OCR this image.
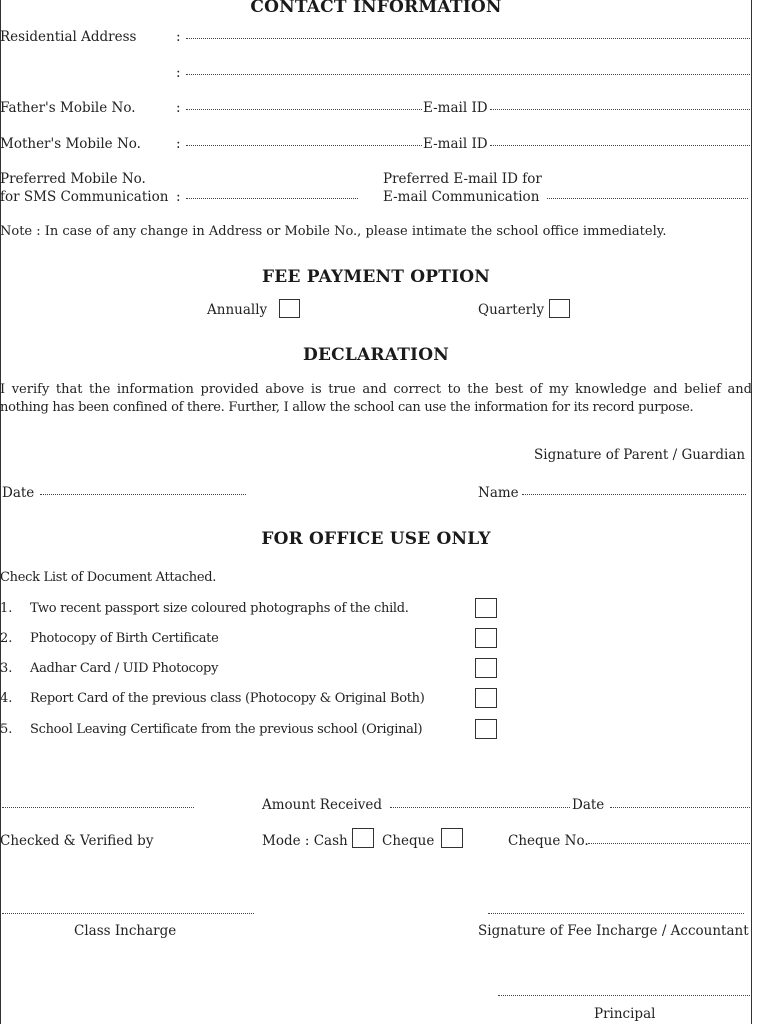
CONTACT INFORMATION
Residential Address	:
:
Father's Mobile No.	:	E-mail ID
Mother's Mobile No.	:	E-mail ID
Preferred Mobile No.
for SMS Communication :
Preferred E-mail ID for
E-mail Communication
Note : In case of any change in Address or Mobile No., please intimate the school office immediately.
FEE PAYMENT OPTION
Annually	Quarterly
DECLARATION
I verify that the information provided above is true and correct to the best of my knowledge and belief and
nothing has been confined of there. Further, I allow the school can use the information for its record purpose.
Signature of Parent / Guardian
Date	Name
FOR OFFICE USE ONLY
Check List of Document Attached.
1. Two recent passport size coloured photographs of the child.
2. Photocopy of Birth Certificate
3. Aadhar Card / UID Photocopy
4. Report Card of the previous class (Photocopy & Original Both)
5. School Leaving Certificate from the previous school (Original)
Amount Received	Date
Checked & Verified by	Mode : Cash	Cheque	Cheque No.
Class Incharge	Signature of Fee Incharge / Accountant
Principal
